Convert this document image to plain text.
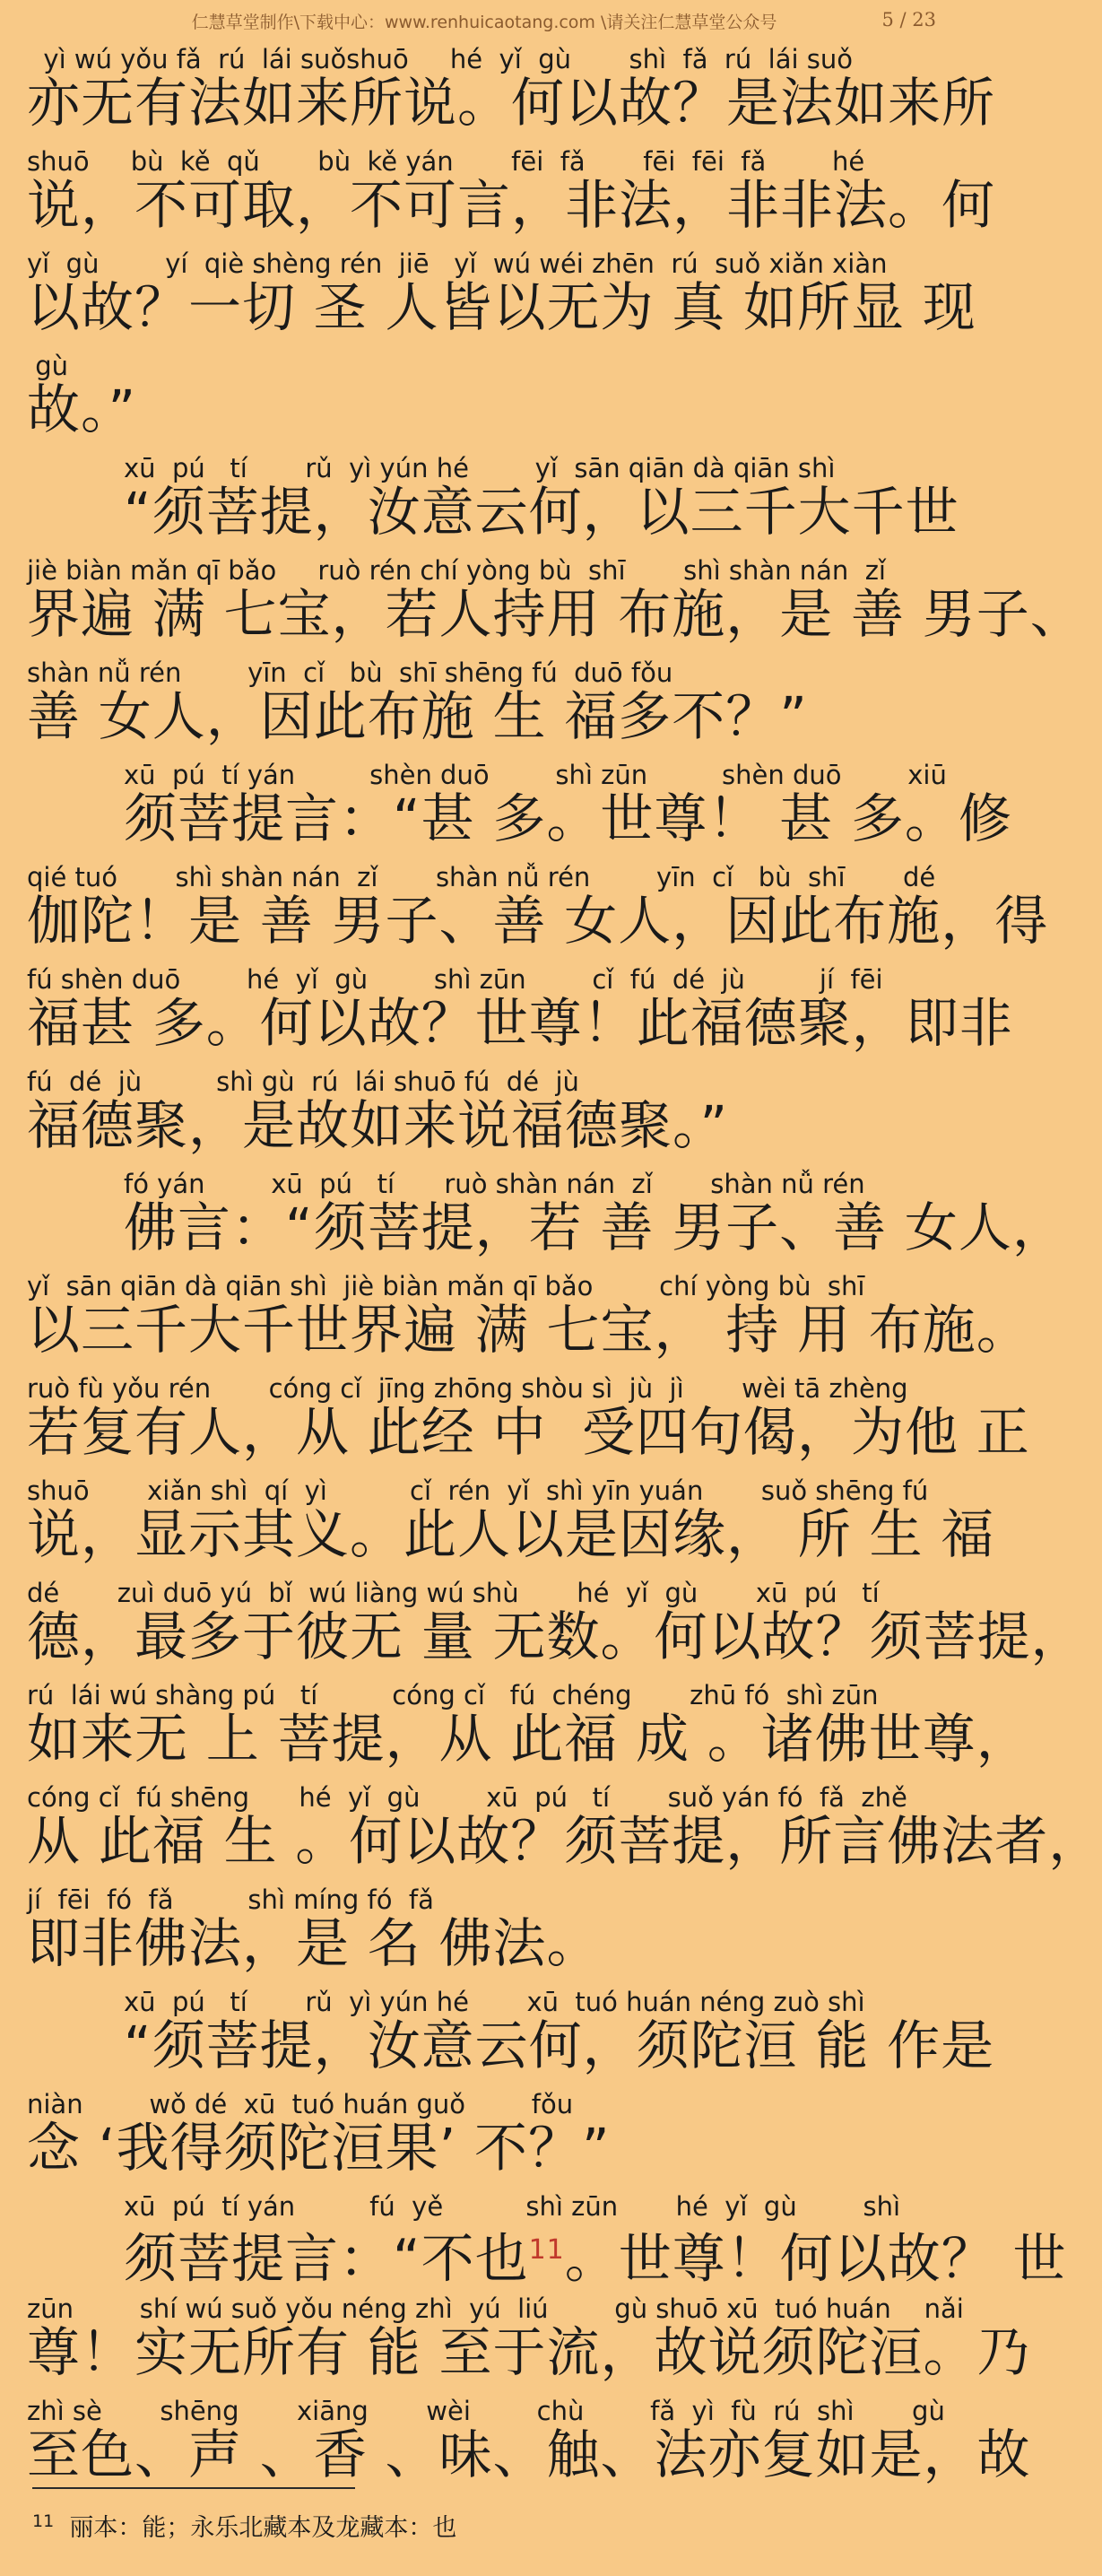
仁慧草堂制作\下载中心：www.renhuicaotang.com \请关注仁慧草堂公众号	5 / 23
yì wú yǒu fǎ  rú  lái suǒshuō     hé  yǐ  gù       shì  fǎ  rú  lái suǒ
亦无有法如来所说。何以故？是法如来所
shuō     bù  kě  qǔ       bù  kě yán       fēi  fǎ       fēi  fēi  fǎ        hé
说，不可取，不可言，非法，非非法。何
yǐ  gù        yí  qiè shèng rén  jiē   yǐ  wú wéi zhēn  rú  suǒ xiǎn xiàn
以故？一切 圣 人皆以无为 真 如所显 现
gù
故。”
xū  pú   tí       rǔ  yì yún hé        yǐ  sān qiān dà qiān shì
“须菩提，汝意云何，以三千大千世
jiè biàn mǎn qī bǎo     ruò rén chí yòng bù  shī       shì shàn nán  zǐ
界遍 满 七宝，若人持用 布施，是 善 男子、
shàn nǚ rén        yīn  cǐ   bù  shī shēng fú  duō fǒu
善 女人，因此布施 生 福多不？”
xū  pú  tí yán         shèn duō        shì zūn         shèn duō        xiū
须菩提言：“甚 多。世尊！ 甚 多。修
qié tuó       shì shàn nán  zǐ       shàn nǚ rén        yīn  cǐ   bù  shī       dé
伽陀！是 善 男子、善 女人，因此布施，得
fú shèn duō        hé  yǐ  gù        shì zūn        cǐ  fú  dé  jù         jí  fēi
福甚 多。何以故？世尊！此福德聚，即非
fú  dé  jù         shì gù  rú  lái shuō fú  dé  jù
福德聚，是故如来说福德聚。”
fó yán        xū  pú   tí      ruò shàn nán  zǐ       shàn nǚ rén
佛言：“须菩提，若 善 男子、善 女人，
yǐ  sān qiān dà qiān shì  jiè biàn mǎn qī bǎo        chí yòng bù  shī
以三千大千世界遍 满 七宝， 持 用 布施。
ruò fù yǒu rén       cóng cǐ  jīng zhōng shòu sì  jù  jì       wèi tā zhèng
若复有人，从 此经 中  受四句偈，为他 正
shuō       xiǎn shì  qí  yì          cǐ  rén  yǐ  shì yīn yuán       suǒ shēng fú
说，显示其义。此人以是因缘， 所 生 福
dé       zuì duō yú  bǐ  wú liàng wú shù       hé  yǐ  gù       xū  pú   tí
德，最多于彼无 量 无数。何以故？须菩提，
rú  lái wú shàng pú   tí         cóng cǐ   fú  chéng       zhū fó  shì zūn
如来无 上 菩提，从 此福 成 。诸佛世尊，
cóng cǐ  fú shēng      hé  yǐ  gù        xū  pú   tí       suǒ yán fó  fǎ  zhě
从 此福 生 。何以故？须菩提，所言佛法者，
jí  fēi  fó  fǎ         shì míng fó  fǎ
即非佛法，是 名 佛法。
xū  pú   tí       rǔ  yì yún hé       xū  tuó huán néng zuò shì
“须菩提，汝意云何，须陀洹 能 作是
niàn        wǒ dé  xū  tuó huán guǒ        fǒu
念 ‘我得须陀洹果’ 不？”
xū  pú  tí yán         fú  yě          shì zūn       hé  yǐ  gù        shì
须菩提言：“不也$^{11}$。世尊！何以故？ 世
zūn        shí wú suǒ yǒu néng zhì  yú  liú        gù shuō xū  tuó huán    nǎi
尊！实无所有 能 至于流，故说须陀洹。乃
zhì sè       shēng       xiāng       wèi        chù        fǎ  yì  fù  rú  shì       gù
至色、声 、香 、味、触、法亦复如是，故
$^{11}$ 丽本：能；永乐北藏本及龙藏本：也
